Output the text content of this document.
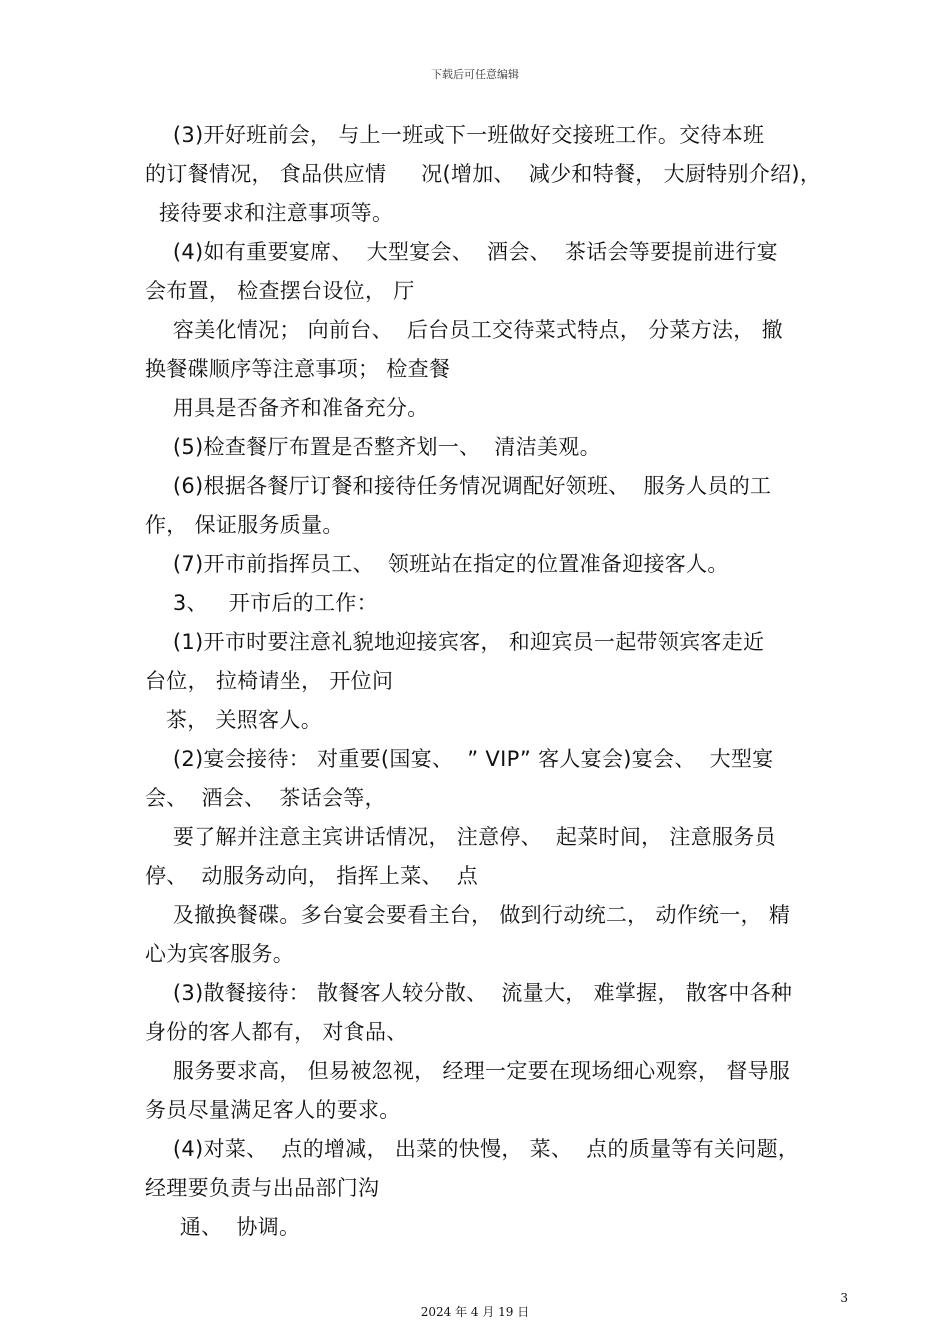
下载后可任意编辑
(3)开好班前会， 与上一班或下一班做好交接班工作。交待本班
的订餐情况， 食品供应情     况(增加、  减少和特餐， 大厨特别介绍)，
接待要求和注意事项等。
(4)如有重要宴席、  大型宴会、  酒会、  茶话会等要提前进行宴
会布置， 检查摆台设位， 厅
容美化情况； 向前台、  后台员工交待菜式特点， 分菜方法， 撤
换餐碟顺序等注意事项； 检查餐
用具是否备齐和准备充分。
(5)检查餐厅布置是否整齐划一、  清洁美观。
(6)根据各餐厅订餐和接待任务情况调配好领班、  服务人员的工
作， 保证服务质量。
(7)开市前指挥员工、  领班站在指定的位置准备迎接客人。
3、   开市后的工作：
(1)开市时要注意礼貌地迎接宾客， 和迎宾员一起带领宾客走近
台位， 拉椅请坐， 开位问
茶， 关照客人。
(2)宴会接待： 对重要(国宴、  ” VIP” 客人宴会)宴会、  大型宴
会、  酒会、  茶话会等，
要了解并注意主宾讲话情况， 注意停、  起菜时间， 注意服务员
停、  动服务动向， 指挥上菜、  点
及撤换餐碟。多台宴会要看主台， 做到行动统二， 动作统一， 精
心为宾客服务。
(3)散餐接待： 散餐客人较分散、  流量大， 难掌握， 散客中各种
身份的客人都有， 对食品、
服务要求高， 但易被忽视， 经理一定要在现场细心观察， 督导服
务员尽量满足客人的要求。
(4)对菜、  点的增减， 出菜的快慢， 菜、  点的质量等有关问题，
经理要负责与出品部门沟
通、  协调。
3
2024 年 4 月 19 日
